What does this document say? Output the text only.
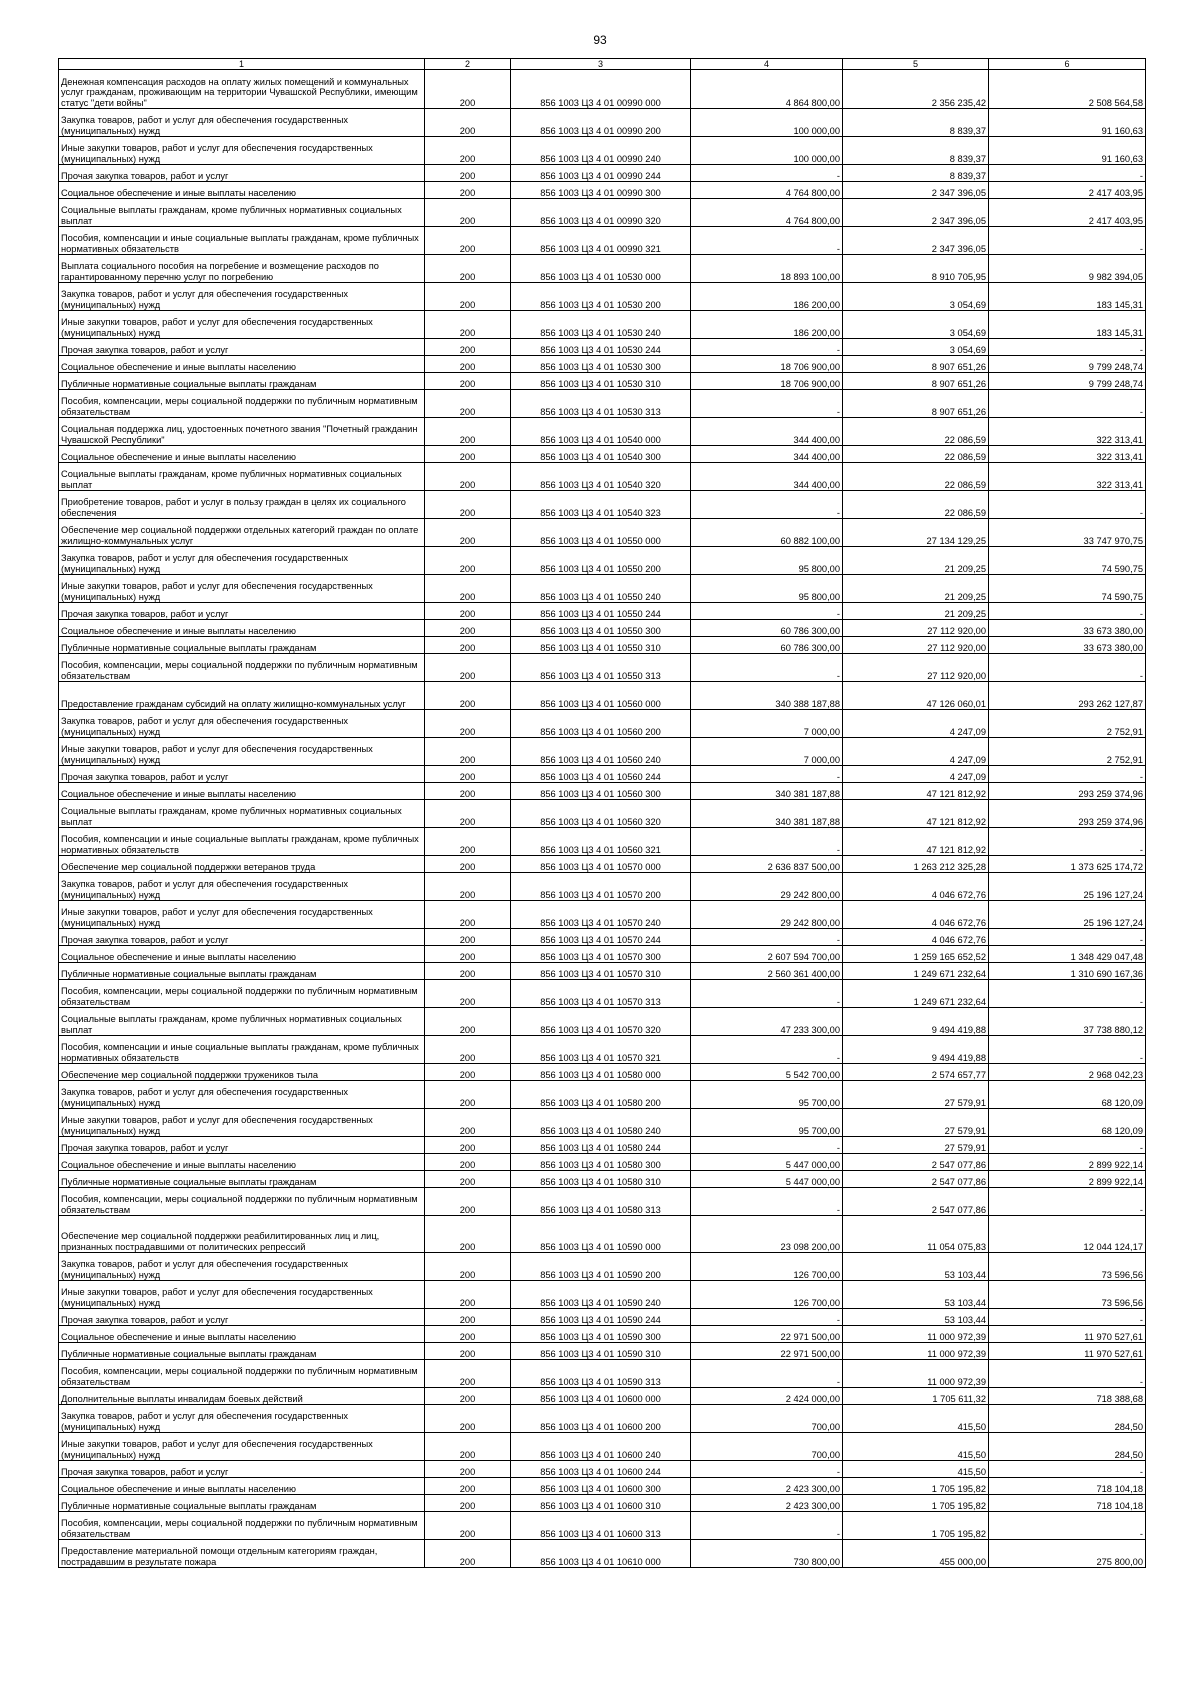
93
1	2	3	4	5	6
Денежная компенсация расходов на оплату жилых помещений и коммунальных услуг гражданам, проживающим на территории Чувашской Республики, имеющим статус "дети войны"	200	856 1003 Ц3 4 01 00990 000	4 864 800,00	2 356 235,42	2 508 564,58
Закупка товаров, работ и услуг для обеспечения государственных (муниципальных) нужд	200	856 1003 Ц3 4 01 00990 200	100 000,00	8 839,37	91 160,63
Иные закупки товаров, работ и услуг для обеспечения государственных (муниципальных) нужд	200	856 1003 Ц3 4 01 00990 240	100 000,00	8 839,37	91 160,63
Прочая закупка товаров, работ и услуг	200	856 1003 Ц3 4 01 00990 244	-	8 839,37	-
Социальное обеспечение и иные выплаты населению	200	856 1003 Ц3 4 01 00990 300	4 764 800,00	2 347 396,05	2 417 403,95
Социальные выплаты гражданам, кроме публичных нормативных социальных выплат	200	856 1003 Ц3 4 01 00990 320	4 764 800,00	2 347 396,05	2 417 403,95
Пособия, компенсации и иные социальные выплаты гражданам, кроме публичных нормативных обязательств	200	856 1003 Ц3 4 01 00990 321	-	2 347 396,05	-
Выплата социального пособия на погребение и возмещение расходов по гарантированному перечню услуг по погребению	200	856 1003 Ц3 4 01 10530 000	18 893 100,00	8 910 705,95	9 982 394,05
Закупка товаров, работ и услуг для обеспечения государственных (муниципальных) нужд	200	856 1003 Ц3 4 01 10530 200	186 200,00	3 054,69	183 145,31
Иные закупки товаров, работ и услуг для обеспечения государственных (муниципальных) нужд	200	856 1003 Ц3 4 01 10530 240	186 200,00	3 054,69	183 145,31
Прочая закупка товаров, работ и услуг	200	856 1003 Ц3 4 01 10530 244	-	3 054,69	-
Социальное обеспечение и иные выплаты населению	200	856 1003 Ц3 4 01 10530 300	18 706 900,00	8 907 651,26	9 799 248,74
Публичные нормативные социальные выплаты гражданам	200	856 1003 Ц3 4 01 10530 310	18 706 900,00	8 907 651,26	9 799 248,74
Пособия, компенсации, меры социальной поддержки по публичным нормативным обязательствам	200	856 1003 Ц3 4 01 10530 313	-	8 907 651,26	-
Социальная поддержка лиц, удостоенных почетного звания "Почетный гражданин Чувашской Республики"	200	856 1003 Ц3 4 01 10540 000	344 400,00	22 086,59	322 313,41
Социальное обеспечение и иные выплаты населению	200	856 1003 Ц3 4 01 10540 300	344 400,00	22 086,59	322 313,41
Социальные выплаты гражданам, кроме публичных нормативных социальных выплат	200	856 1003 Ц3 4 01 10540 320	344 400,00	22 086,59	322 313,41
Приобретение товаров, работ и услуг в пользу граждан в целях их социального обеспечения	200	856 1003 Ц3 4 01 10540 323	-	22 086,59	-
Обеспечение мер социальной поддержки отдельных категорий граждан по оплате жилищно-коммунальных услуг	200	856 1003 Ц3 4 01 10550 000	60 882 100,00	27 134 129,25	33 747 970,75
Закупка товаров, работ и услуг для обеспечения государственных (муниципальных) нужд	200	856 1003 Ц3 4 01 10550 200	95 800,00	21 209,25	74 590,75
Иные закупки товаров, работ и услуг для обеспечения государственных (муниципальных) нужд	200	856 1003 Ц3 4 01 10550 240	95 800,00	21 209,25	74 590,75
Прочая закупка товаров, работ и услуг	200	856 1003 Ц3 4 01 10550 244	-	21 209,25	-
Социальное обеспечение и иные выплаты населению	200	856 1003 Ц3 4 01 10550 300	60 786 300,00	27 112 920,00	33 673 380,00
Публичные нормативные социальные выплаты гражданам	200	856 1003 Ц3 4 01 10550 310	60 786 300,00	27 112 920,00	33 673 380,00
Пособия, компенсации, меры социальной поддержки по публичным нормативным обязательствам	200	856 1003 Ц3 4 01 10550 313	-	27 112 920,00	-
Предоставление гражданам субсидий на оплату жилищно-коммунальных услуг	200	856 1003 Ц3 4 01 10560 000	340 388 187,88	47 126 060,01	293 262 127,87
Закупка товаров, работ и услуг для обеспечения государственных (муниципальных) нужд	200	856 1003 Ц3 4 01 10560 200	7 000,00	4 247,09	2 752,91
Иные закупки товаров, работ и услуг для обеспечения государственных (муниципальных) нужд	200	856 1003 Ц3 4 01 10560 240	7 000,00	4 247,09	2 752,91
Прочая закупка товаров, работ и услуг	200	856 1003 Ц3 4 01 10560 244	-	4 247,09	-
Социальное обеспечение и иные выплаты населению	200	856 1003 Ц3 4 01 10560 300	340 381 187,88	47 121 812,92	293 259 374,96
Социальные выплаты гражданам, кроме публичных нормативных социальных выплат	200	856 1003 Ц3 4 01 10560 320	340 381 187,88	47 121 812,92	293 259 374,96
Пособия, компенсации и иные социальные выплаты гражданам, кроме публичных нормативных обязательств	200	856 1003 Ц3 4 01 10560 321	-	47 121 812,92	-
Обеспечение мер социальной поддержки ветеранов труда	200	856 1003 Ц3 4 01 10570 000	2 636 837 500,00	1 263 212 325,28	1 373 625 174,72
Закупка товаров, работ и услуг для обеспечения государственных (муниципальных) нужд	200	856 1003 Ц3 4 01 10570 200	29 242 800,00	4 046 672,76	25 196 127,24
Иные закупки товаров, работ и услуг для обеспечения государственных (муниципальных) нужд	200	856 1003 Ц3 4 01 10570 240	29 242 800,00	4 046 672,76	25 196 127,24
Прочая закупка товаров, работ и услуг	200	856 1003 Ц3 4 01 10570 244	-	4 046 672,76	-
Социальное обеспечение и иные выплаты населению	200	856 1003 Ц3 4 01 10570 300	2 607 594 700,00	1 259 165 652,52	1 348 429 047,48
Публичные нормативные социальные выплаты гражданам	200	856 1003 Ц3 4 01 10570 310	2 560 361 400,00	1 249 671 232,64	1 310 690 167,36
Пособия, компенсации, меры социальной поддержки по публичным нормативным обязательствам	200	856 1003 Ц3 4 01 10570 313	-	1 249 671 232,64	-
Социальные выплаты гражданам, кроме публичных нормативных социальных выплат	200	856 1003 Ц3 4 01 10570 320	47 233 300,00	9 494 419,88	37 738 880,12
Пособия, компенсации и иные социальные выплаты гражданам, кроме публичных нормативных обязательств	200	856 1003 Ц3 4 01 10570 321	-	9 494 419,88	-
Обеспечение мер социальной поддержки тружеников тыла	200	856 1003 Ц3 4 01 10580 000	5 542 700,00	2 574 657,77	2 968 042,23
Закупка товаров, работ и услуг для обеспечения государственных (муниципальных) нужд	200	856 1003 Ц3 4 01 10580 200	95 700,00	27 579,91	68 120,09
Иные закупки товаров, работ и услуг для обеспечения государственных (муниципальных) нужд	200	856 1003 Ц3 4 01 10580 240	95 700,00	27 579,91	68 120,09
Прочая закупка товаров, работ и услуг	200	856 1003 Ц3 4 01 10580 244	-	27 579,91	-
Социальное обеспечение и иные выплаты населению	200	856 1003 Ц3 4 01 10580 300	5 447 000,00	2 547 077,86	2 899 922,14
Публичные нормативные социальные выплаты гражданам	200	856 1003 Ц3 4 01 10580 310	5 447 000,00	2 547 077,86	2 899 922,14
Пособия, компенсации, меры социальной поддержки по публичным нормативным обязательствам	200	856 1003 Ц3 4 01 10580 313	-	2 547 077,86	-
Обеспечение мер социальной поддержки реабилитированных лиц и лиц, признанных пострадавшими от политических репрессий	200	856 1003 Ц3 4 01 10590 000	23 098 200,00	11 054 075,83	12 044 124,17
Закупка товаров, работ и услуг для обеспечения государственных (муниципальных) нужд	200	856 1003 Ц3 4 01 10590 200	126 700,00	53 103,44	73 596,56
Иные закупки товаров, работ и услуг для обеспечения государственных (муниципальных) нужд	200	856 1003 Ц3 4 01 10590 240	126 700,00	53 103,44	73 596,56
Прочая закупка товаров, работ и услуг	200	856 1003 Ц3 4 01 10590 244	-	53 103,44	-
Социальное обеспечение и иные выплаты населению	200	856 1003 Ц3 4 01 10590 300	22 971 500,00	11 000 972,39	11 970 527,61
Публичные нормативные социальные выплаты гражданам	200	856 1003 Ц3 4 01 10590 310	22 971 500,00	11 000 972,39	11 970 527,61
Пособия, компенсации, меры социальной поддержки по публичным нормативным обязательствам	200	856 1003 Ц3 4 01 10590 313	-	11 000 972,39	-
Дополнительные выплаты инвалидам боевых действий	200	856 1003 Ц3 4 01 10600 000	2 424 000,00	1 705 611,32	718 388,68
Закупка товаров, работ и услуг для обеспечения государственных (муниципальных) нужд	200	856 1003 Ц3 4 01 10600 200	700,00	415,50	284,50
Иные закупки товаров, работ и услуг для обеспечения государственных (муниципальных) нужд	200	856 1003 Ц3 4 01 10600 240	700,00	415,50	284,50
Прочая закупка товаров, работ и услуг	200	856 1003 Ц3 4 01 10600 244	-	415,50	-
Социальное обеспечение и иные выплаты населению	200	856 1003 Ц3 4 01 10600 300	2 423 300,00	1 705 195,82	718 104,18
Публичные нормативные социальные выплаты гражданам	200	856 1003 Ц3 4 01 10600 310	2 423 300,00	1 705 195,82	718 104,18
Пособия, компенсации, меры социальной поддержки по публичным нормативным обязательствам	200	856 1003 Ц3 4 01 10600 313	-	1 705 195,82	-
Предоставление материальной помощи отдельным категориям граждан, пострадавшим в результате пожара	200	856 1003 Ц3 4 01 10610 000	730 800,00	455 000,00	275 800,00
